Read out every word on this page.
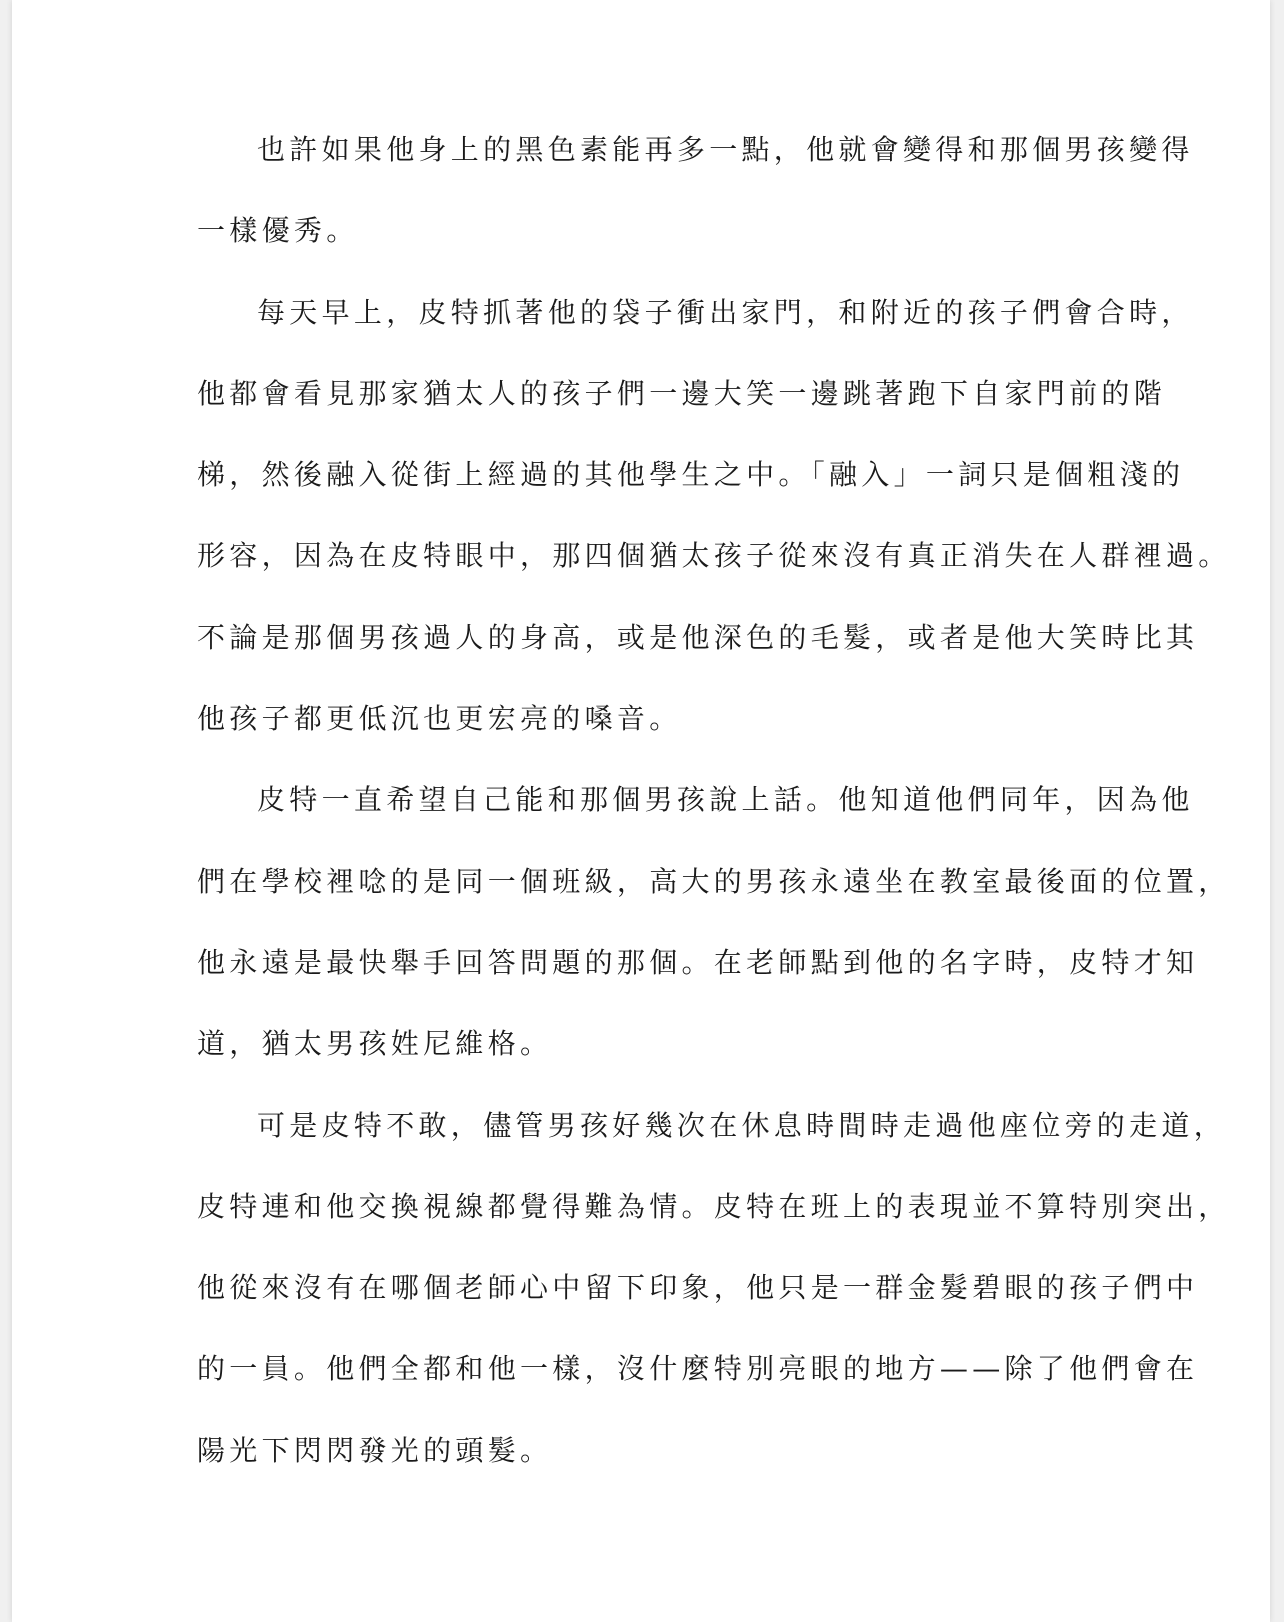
也許如果他身上的黑色素能再多一點，他就會變得和那個男孩變得
一樣優秀。
每天早上，皮特抓著他的袋子衝出家門，和附近的孩子們會合時，
他都會看見那家猶太人的孩子們一邊大笑一邊跳著跑下自家門前的階
梯，然後融入從街上經過的其他學生之中。「融入」一詞只是個粗淺的
形容，因為在皮特眼中，那四個猶太孩子從來沒有真正消失在人群裡過。
不論是那個男孩過人的身高，或是他深色的毛髮，或者是他大笑時比其
他孩子都更低沉也更宏亮的嗓音。
皮特一直希望自己能和那個男孩說上話。他知道他們同年，因為他
們在學校裡唸的是同一個班級，高大的男孩永遠坐在教室最後面的位置，
他永遠是最快舉手回答問題的那個。在老師點到他的名字時，皮特才知
道，猶太男孩姓尼維格。
可是皮特不敢，儘管男孩好幾次在休息時間時走過他座位旁的走道，
皮特連和他交換視線都覺得難為情。皮特在班上的表現並不算特別突出，
他從來沒有在哪個老師心中留下印象，他只是一群金髮碧眼的孩子們中
的一員。他們全都和他一樣，沒什麼特別亮眼的地方——除了他們會在
陽光下閃閃發光的頭髮。
